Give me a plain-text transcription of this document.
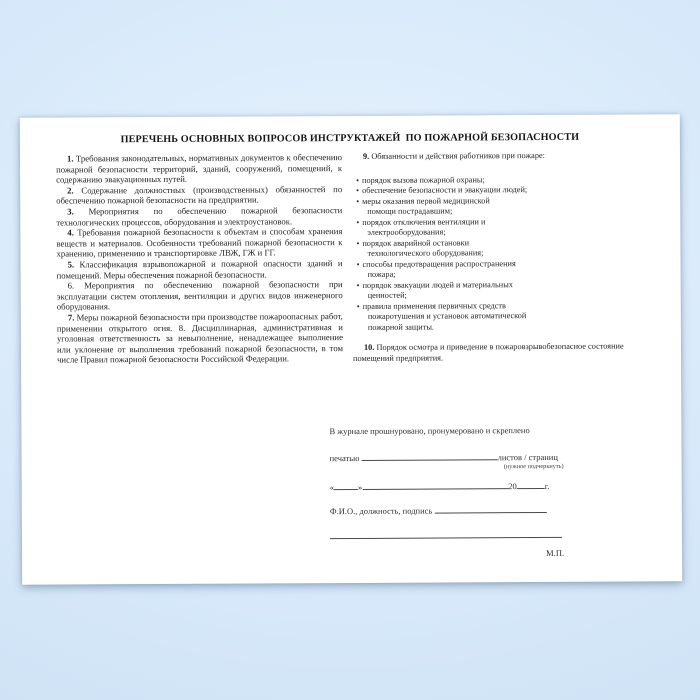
ПЕРЕЧЕНЬ ОСНОВНЫХ ВОПРОСОВ ИНСТРУКТАЖЕЙ  ПО ПОЖАРНОЙ БЕЗОПАСНОСТИ

1. Требования законодательных, нормативных документов к обеспечению пожарной безопасности территорий, зданий, сооружений, помещений, к содержанию эвакуационных путей.

2. Содержание должностных (производственных) обязанностей по обеспечению пожарной безопасности на предприятии.

3. Мероприятия по обеспечению пожарной безопасности технологических процессов, оборудования и электроустановок.

4. Требования пожарной безопасности к объектам и способам хранения веществ и материалов. Особенности требований пожарной безопасности к хранению, применению и транспортировке ЛВЖ, ГЖ и ГГ.

5. Классификация взрывопожарной и пожарной опасности зданий и помещений. Меры обеспечения пожарной безопасности.

6. Мероприятия по обеспечению пожарной безопасности при эксплуатации систем отопления, вентиляции и других видов инженерного оборудования.

7. Меры пожарной безопасности при производстве пожароопасных работ, применении открытого огня. 8. Дисциплинарная, административная и уголовная ответственность за невыполнение, ненадлежащее выполнение или уклонение от выполнения требований пожарной безопасности, в том числе Правил пожарной безопасности Российской Федерации.

9. Обязанности и действия работников при пожаре:

• порядок вызова пожарной охраны;
• обеспечение безопасности и эвакуации людей;
• меры оказания первой медицинской
помощи пострадавшим;
• порядок отключения вентиляции и
электрооборудования;
• порядок аварийной остановки
технологического оборудования;
• способы предотвращения распространения
пожара;
• порядок эвакуации людей и материальных
ценностей;
• правила применения первичных средств
пожаротушения и установок автоматической
пожарной защиты.

10. Порядок осмотра и приведение в пожаровзрывобезопасное состояние помещений предприятия.

В журнале прошнуровано, пронумеровано и скреплено
печатью	листов / страниц
(нужное подчеркнуть)
«	»	20	г.
Ф.И.О., должность, подпись
М.П.
